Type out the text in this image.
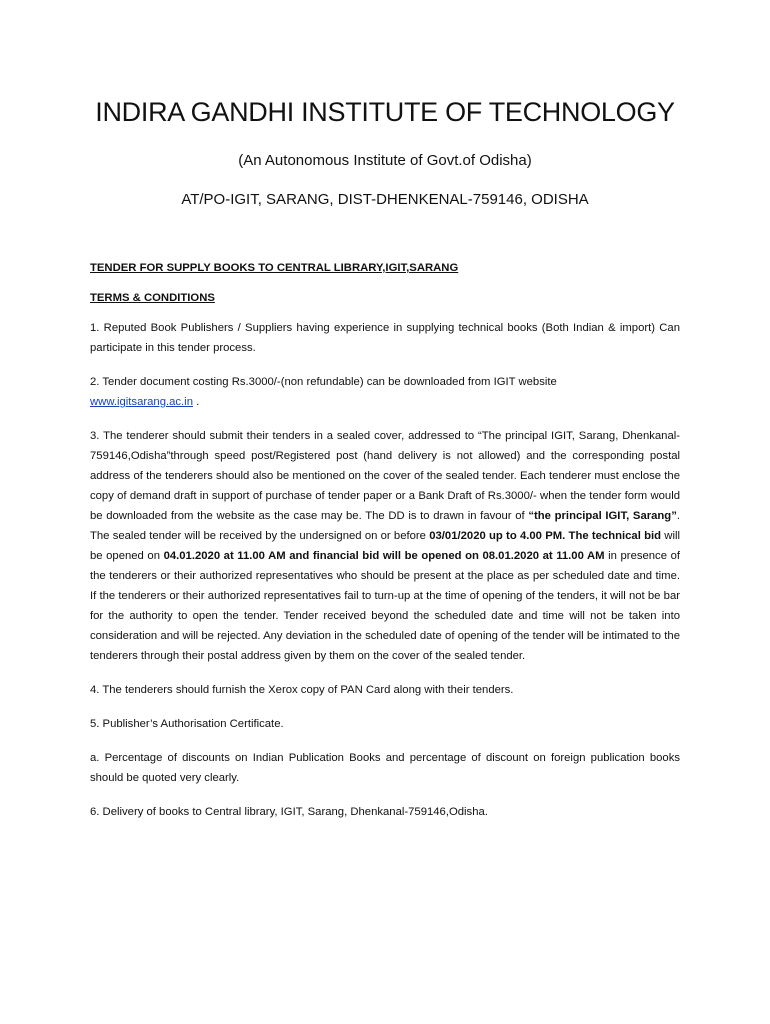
INDIRA GANDHI INSTITUTE OF TECHNOLOGY

(An Autonomous Institute of Govt.of Odisha)

AT/PO-IGIT, SARANG, DIST-DHENKENAL-759146, ODISHA

TENDER FOR SUPPLY BOOKS TO CENTRAL LIBRARY,IGIT,SARANG

TERMS & CONDITIONS

1. Reputed Book Publishers / Suppliers having experience in supplying technical books (Both Indian & import) Can participate in this tender process.

2. Tender document costing Rs.3000/-(non refundable) can be downloaded from IGIT website
www.igitsarang.ac.in .

3. The tenderer should submit their tenders in a sealed cover, addressed to “The principal IGIT, Sarang, Dhenkanal-759146,Odisha”through speed post/Registered post (hand delivery is not allowed) and the corresponding postal address of the tenderers should also be mentioned on the cover of the sealed tender. Each tenderer must enclose the copy of demand draft in support of purchase of tender paper or a Bank Draft of Rs.3000/- when the tender form would be downloaded from the website as the case may be. The DD is to drawn in favour of “the principal IGIT, Sarang”. The sealed tender will be received by the undersigned on or before 03/01/2020 up to 4.00 PM. The technical bid will be opened on 04.01.2020 at 11.00 AM and financial bid will be opened on 08.01.2020 at 11.00 AM in presence of the tenderers or their authorized representatives who should be present at the place as per scheduled date and time. If the tenderers or their authorized representatives fail to turn-up at the time of opening of the tenders, it will not be bar for the authority to open the tender. Tender received beyond the scheduled date and time will not be taken into consideration and will be rejected. Any deviation in the scheduled date of opening of the tender will be intimated to the tenderers through their postal address given by them on the cover of the sealed tender.

4. The tenderers should furnish the Xerox copy of PAN Card along with their tenders.

5. Publisher’s Authorisation Certificate.

a. Percentage of discounts on Indian Publication Books and percentage of discount on foreign publication books should be quoted very clearly.

6. Delivery of books to Central library, IGIT, Sarang, Dhenkanal-759146,Odisha.
